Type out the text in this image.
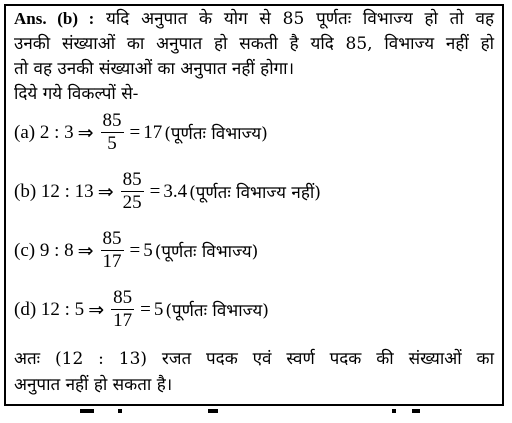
Ans. (b) : यदि अनुपात के योग से 85 पूर्णतः विभाज्य हो तो वह
उनकी संख्याओं का अनुपात हो सकती है यदि 85, विभाज्य नहीं हो
तो वह उनकी संख्याओं का अनुपात नहीं होगा।
दिये गये विकल्पों से-
(a) 2 : 3 ⇒ $\frac{85}{5} = 17$ (पूर्णतः विभाज्य)
(b) 12 : 13 ⇒ $\frac{85}{25} = 3.4$ (पूर्णतः विभाज्य नहीं)
(c) 9 : 8 ⇒ $\frac{85}{17} = 5$ (पूर्णतः विभाज्य)
(d) 12 : 5 ⇒ $\frac{85}{17} = 5$ (पूर्णतः विभाज्य)
अतः (12 : 13) रजत पदक एवं स्वर्ण पदक की संख्याओं का
अनुपात नहीं हो सकता है।
